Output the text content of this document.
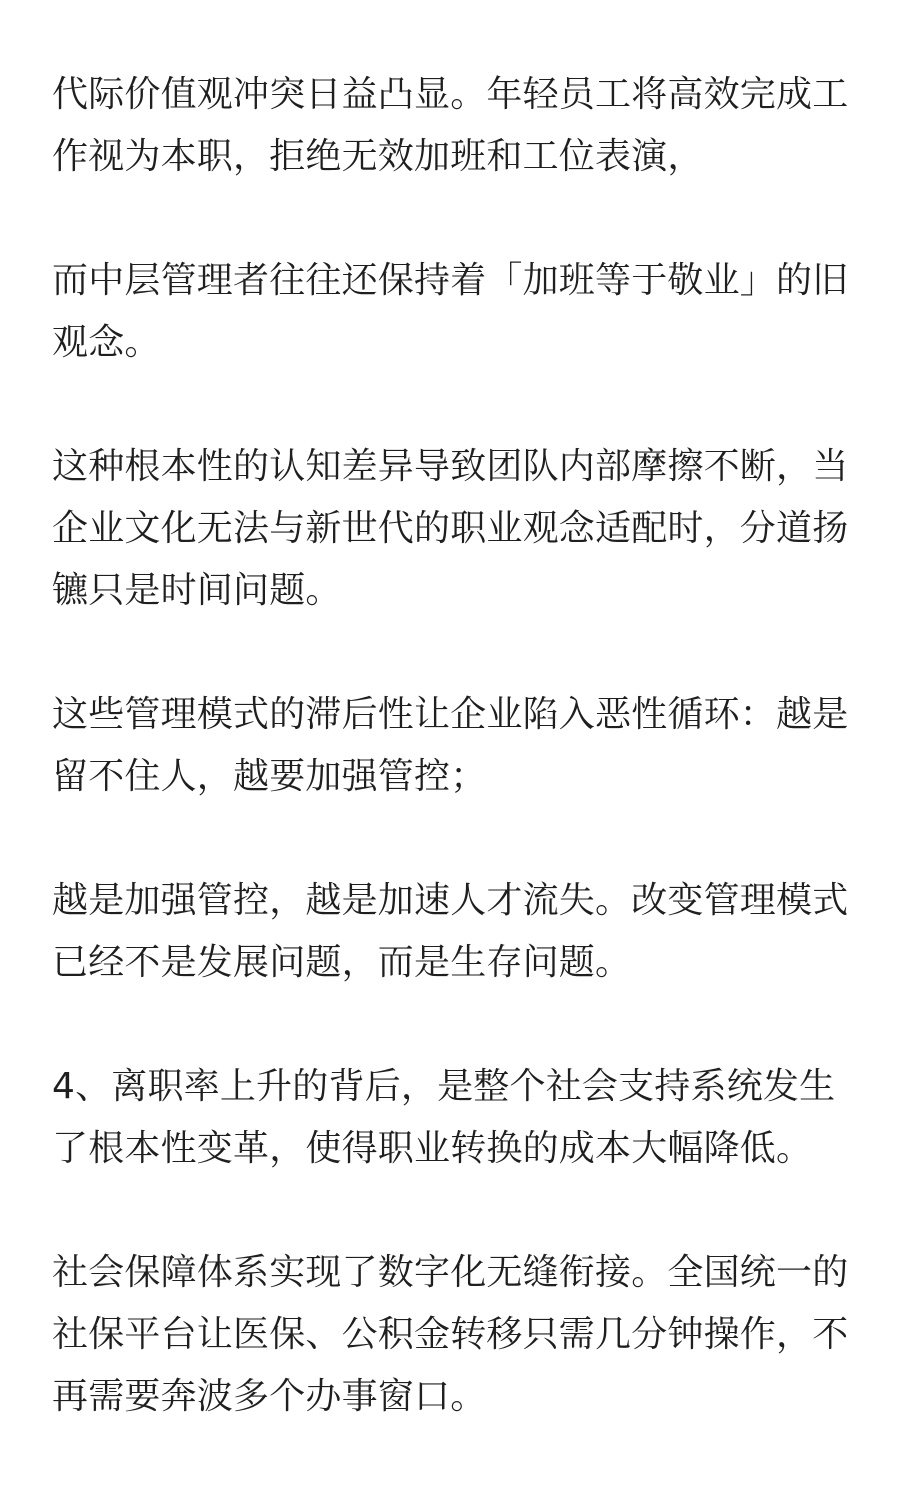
代际价值观冲突日益凸显。年轻员工将高效完成工作视为本职，拒绝无效加班和工位表演，

而中层管理者往往还保持着「加班等于敬业」的旧观念。

这种根本性的认知差异导致团队内部摩擦不断，当企业文化无法与新世代的职业观念适配时，分道扬镳只是时间问题。

这些管理模式的滞后性让企业陷入恶性循环：越是留不住人，越要加强管控；

越是加强管控，越是加速人才流失。改变管理模式已经不是发展问题，而是生存问题。

4、离职率上升的背后，是整个社会支持系统发生了根本性变革，使得职业转换的成本大幅降低。

社会保障体系实现了数字化无缝衔接。全国统一的社保平台让医保、公积金转移只需几分钟操作，不再需要奔波多个办事窗口。
